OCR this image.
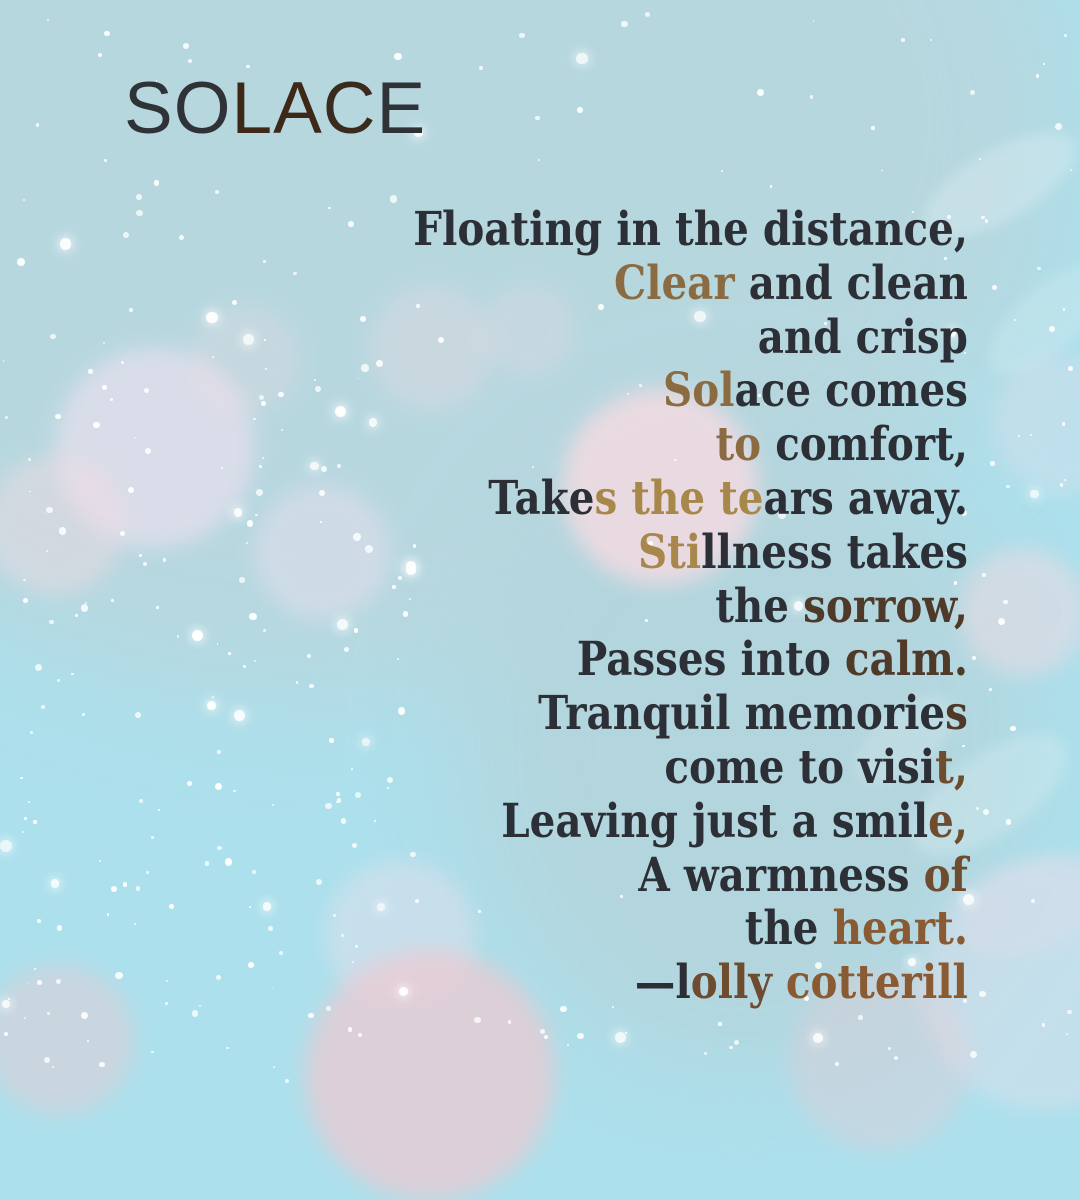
SOLACE
Floating in the distance,
Clear and clean
and crisp
Solace comes
to comfort,
Takes the tears away.
Stillness takes
the sorrow,
Passes into calm.
Tranquil memories
come to visit,
Leaving just a smile,
A warmness of
the heart.
—lolly cotterill
